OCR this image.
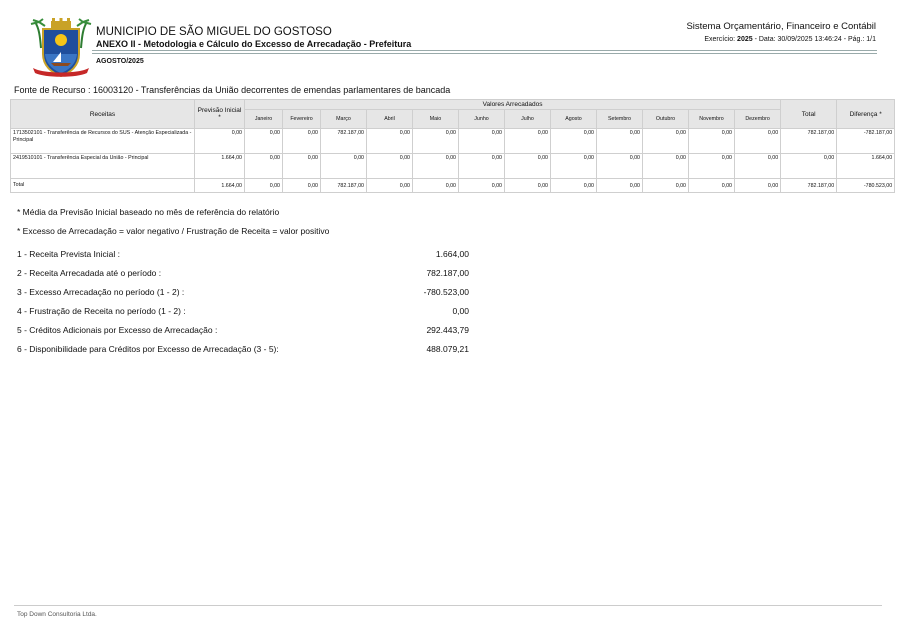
MUNICIPIO DE SÃO MIGUEL DO GOSTOSO
ANEXO II - Metodologia e Cálculo do Excesso de Arrecadação - Prefeitura
AGOSTO/2025
Sistema Orçamentário, Financeiro e Contábil
Exercício: 2025 - Data: 30/09/2025 13:46:24 - Pág.: 1/1
Fonte de Recurso : 16003120 - Transferências da União decorrentes de emendas parlamentares de bancada
Receitas	Previsão Inicial *	Valores Arrecadados												Total	Diferença *
		Janeiro	Fevereiro	Março	Abril	Maio	Junho	Julho	Agosto	Setembro	Outubro	Novembro	Dezembro		
1713502101 - Transferência de Recursos do SUS - Atenção Especializada - Principal	0,00	0,00	0,00	782.187,00	0,00	0,00	0,00	0,00	0,00	0,00	0,00	0,00	0,00	782.187,00	-782.187,00
2419510101 - Transferência Especial da União - Principal	1.664,00	0,00	0,00	0,00	0,00	0,00	0,00	0,00	0,00	0,00	0,00	0,00	0,00	0,00	1.664,00
Total	1.664,00	0,00	0,00	782.187,00	0,00	0,00	0,00	0,00	0,00	0,00	0,00	0,00	0,00	782.187,00	-780.523,00
* Média da Previsão Inicial baseado no mês de referência do relatório
* Excesso de Arrecadação = valor negativo / Frustração de Receita = valor positivo
1 - Receita Prevista Inicial :	1.664,00
2 - Receita Arrecadada até o período :	782.187,00
3 - Excesso Arrecadação no período (1 - 2) :	-780.523,00
4 - Frustração de Receita no período (1 - 2) :	0,00
5 - Créditos Adicionais por Excesso de Arrecadação :	292.443,79
6 - Disponibilidade para Créditos por Excesso de Arrecadação (3 - 5):	488.079,21
Top Down Consultoria Ltda.
